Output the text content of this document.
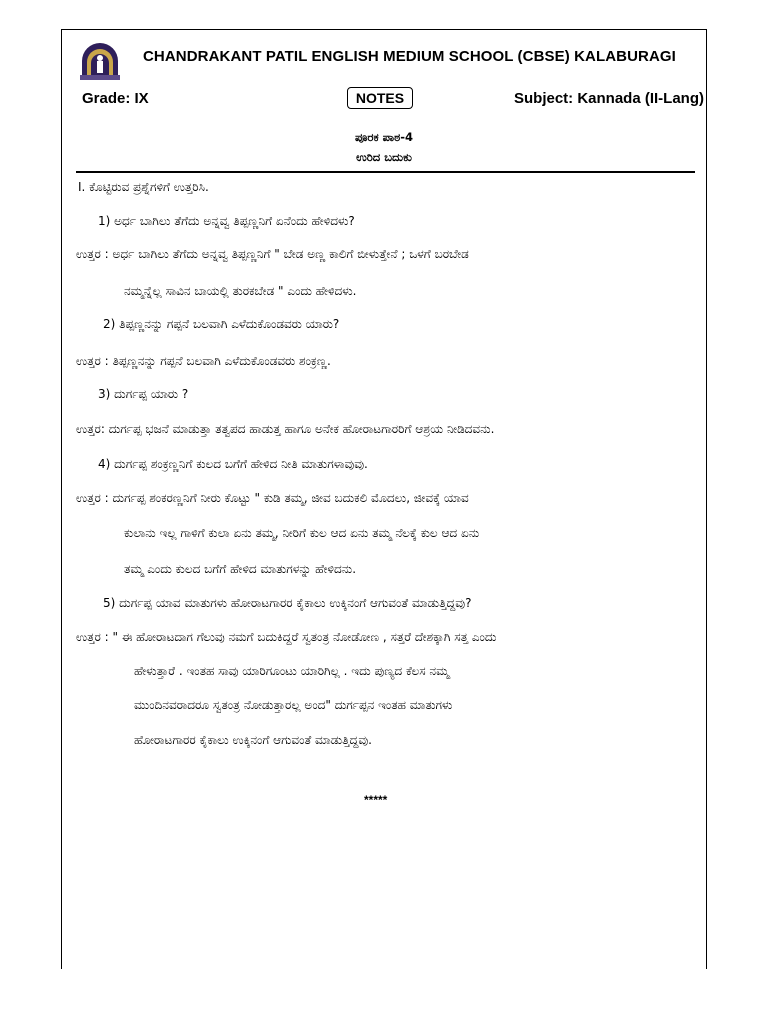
CHANDRAKANT PATIL ENGLISH MEDIUM SCHOOL (CBSE) KALABURAGI
Grade: IX	NOTES	Subject: Kannada (II-Lang)
ಪೂರಕ ಪಾಠ-4
ಉರಿದ ಬದುಕು
I. ಕೊಟ್ಟಿರುವ ಪ್ರಶ್ನೆಗಳಿಗೆ ಉತ್ತರಿಸಿ.
1) ಅರ್ಧ ಬಾಗಿಲು ತೆಗೆದು ಅನ್ನವ್ವ ತಿಪ್ಪಣ್ಣನಿಗೆ ಏನೆಂದು ಹೇಳಿದಳು?
ಉತ್ತರ : ಅರ್ಧ ಬಾಗಿಲು ತೆಗೆದು ಅನ್ನವ್ವ ತಿಪ್ಪಣ್ಣನಿಗೆ " ಬೇಡ ಅಣ್ಣ ಕಾಲಿಗೆ ಬೀಳುತ್ತೇನೆ ; ಒಳಗೆ ಬರಬೇಡ
ನಮ್ಮನ್ನೆಲ್ಲ ಸಾವಿನ ಬಾಯಲ್ಲಿ ತುರಕಬೇಡ " ಎಂದು ಹೇಳಿದಳು.
2) ತಿಪ್ಪಣ್ಣನನ್ನು ಗಪ್ಪನೆ ಬಲವಾಗಿ ಎಳೆದುಕೊಂಡವರು ಯಾರು?
ಉತ್ತರ : ತಿಪ್ಪಣ್ಣನನ್ನು ಗಪ್ಪನೆ ಬಲವಾಗಿ ಎಳೆದುಕೊಂಡವರು ಶಂಕ್ರಣ್ಣ.
3) ದುರ್ಗಪ್ಪ ಯಾರು ?
ಉತ್ತರ: ದುರ್ಗಪ್ಪ ಭಜನೆ ಮಾಡುತ್ತಾ ತತ್ವಪದ ಹಾಡುತ್ತ ಹಾಗೂ ಅನೇಕ ಹೋರಾಟಗಾರರಿಗೆ ಆಶ್ರಯ ನೀಡಿದವನು.
4) ದುರ್ಗಪ್ಪ ಶಂಕ್ರಣ್ಣನಿಗೆ ಕುಲದ ಬಗೆಗೆ ಹೇಳಿದ ನೀತಿ ಮಾತುಗಳಾವುವು.
ಉತ್ತರ : ದುರ್ಗಪ್ಪ ಶಂಕರಣ್ಣನಿಗೆ ನೀರು ಕೊಟ್ಟು " ಕುಡಿ ತಮ್ಮ, ಜೀವ ಬದುಕಲಿ ಮೊದಲು, ಜೀವಕ್ಕೆ ಯಾವ
ಕುಲಾನು ಇಲ್ಲ ಗಾಳಿಗೆ ಕುಲಾ ಏನು ತಮ್ಮ, ನೀರಿಗೆ ಕುಲ ಆದ ಏನು ತಮ್ಮ ನೆಲಕ್ಕೆ ಕುಲ ಆದ ಏನು
ತಮ್ಮ ಎಂದು ಕುಲದ ಬಗೆಗೆ ಹೇಳಿದ ಮಾತುಗಳನ್ನು ಹೇಳಿದನು.
5) ದುರ್ಗಪ್ಪ ಯಾವ ಮಾತುಗಳು ಹೋರಾಟಗಾರರ ಕೈಕಾಲು ಉಕ್ಕಿನಂಗೆ ಆಗುವಂತೆ ಮಾಡುತ್ತಿದ್ದವು?
ಉತ್ತರ : " ಈ ಹೋರಾಟದಾಗ ಗೆಲುವು ನಮಗೆ ಬದುಕಿದ್ದರೆ ಸ್ವತಂತ್ರ ನೋಡೋಣ , ಸತ್ತರೆ ದೇಶಕ್ಕಾಗಿ ಸತ್ತ ಎಂದು
ಹೇಳುತ್ತಾರೆ . ಇಂತಹ ಸಾವು ಯಾರಿಗೂಂಟು ಯಾರಿಗಿಲ್ಲ . ಇದು ಪುಣ್ಯದ ಕೆಲಸ ನಮ್ಮ
ಮುಂದಿನವರಾದರೂ ಸ್ವತಂತ್ರ ನೋಡುತ್ತಾರಲ್ಲ ಅಂದ" ದುರ್ಗಪ್ಪನ ಇಂತಹ ಮಾತುಗಳು
ಹೋರಾಟಗಾರರ ಕೈಕಾಲು ಉಕ್ಕಿನಂಗೆ ಆಗುವಂತೆ ಮಾಡುತ್ತಿದ್ದವು.
*****
